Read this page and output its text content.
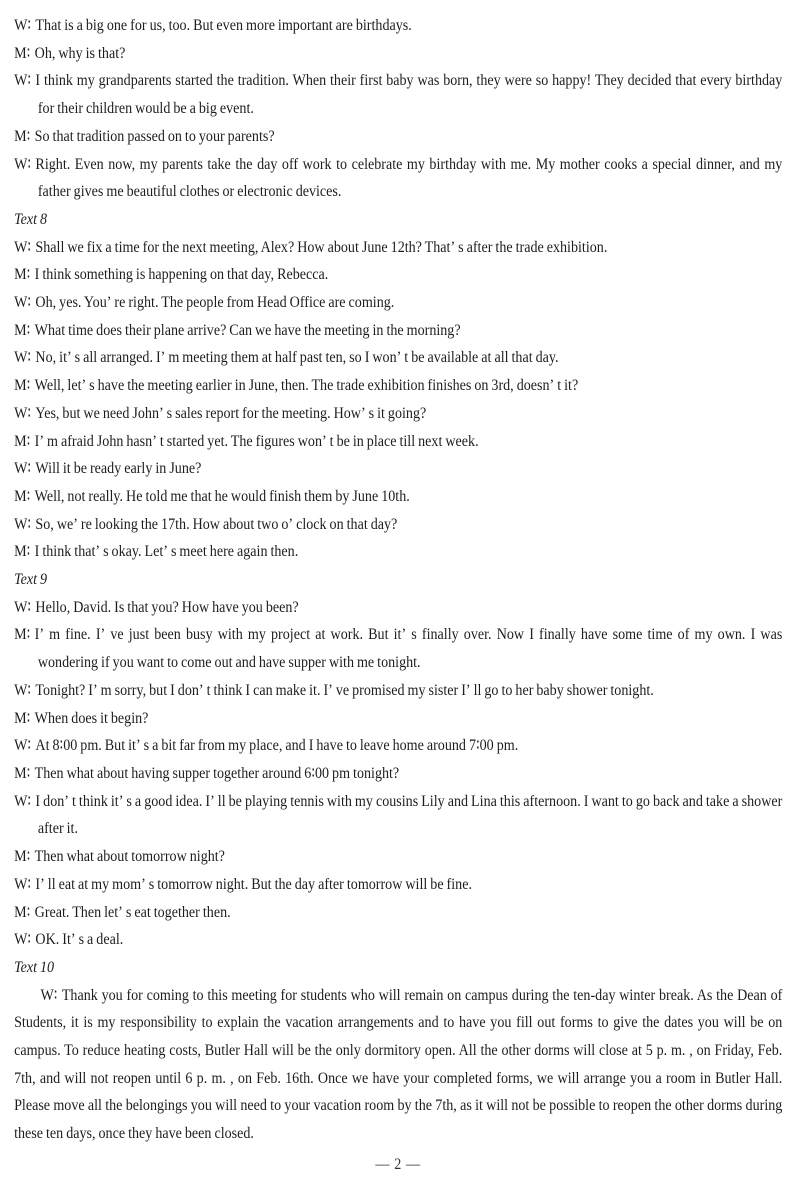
W∶ That is a big one for us, too. But even more important are birthdays.

M∶ Oh, why is that?

W∶ I think my grandparents started the tradition. When their first baby was born, they were so happy! They decided that every birthday for their children would be a big event.

M∶ So that tradition passed on to your parents?

W∶ Right. Even now, my parents take the day off work to celebrate my birthday with me. My mother cooks a special dinner, and my father gives me beautiful clothes or electronic devices.

Text 8

W∶ Shall we fix a time for the next meeting, Alex? How about June 12th? That’ s after the trade exhibition.

M∶ I think something is happening on that day, Rebecca.

W∶ Oh, yes. You’ re right. The people from Head Office are coming.

M∶ What time does their plane arrive? Can we have the meeting in the morning?

W∶ No, it’ s all arranged. I’ m meeting them at half past ten, so I won’ t be available at all that day.

M∶ Well, let’ s have the meeting earlier in June, then. The trade exhibition finishes on 3rd, doesn’ t it?

W∶ Yes, but we need John’ s sales report for the meeting. How’ s it going?

M∶ I’ m afraid John hasn’ t started yet. The figures won’ t be in place till next week.

W∶ Will it be ready early in June?

M∶ Well, not really. He told me that he would finish them by June 10th.

W∶ So, we’ re looking the 17th. How about two o’ clock on that day?

M∶ I think that’ s okay. Let’ s meet here again then.

Text 9

W∶ Hello, David. Is that you? How have you been?

M∶ I’ m fine. I’ ve just been busy with my project at work. But it’ s finally over. Now I finally have some time of my own. I was wondering if you want to come out and have supper with me tonight.

W∶ Tonight? I’ m sorry, but I don’ t think I can make it. I’ ve promised my sister I’ ll go to her baby shower tonight.

M∶ When does it begin?

W∶ At 8∶00 pm. But it’ s a bit far from my place, and I have to leave home around 7∶00 pm.

M∶ Then what about having supper together around 6∶00 pm tonight?

W∶ I don’ t think it’ s a good idea. I’ ll be playing tennis with my cousins Lily and Lina this afternoon. I want to go back and take a shower after it.

M∶ Then what about tomorrow night?

W∶ I’ ll eat at my mom’ s tomorrow night. But the day after tomorrow will be fine.

M∶ Great. Then let’ s eat together then.

W∶ OK. It’ s a deal.

Text 10

W∶ Thank you for coming to this meeting for students who will remain on campus during the ten-day winter break. As the Dean of Students, it is my responsibility to explain the vacation arrangements and to have you fill out forms to give the dates you will be on campus. To reduce heating costs, Butler Hall will be the only dormitory open. All the other dorms will close at 5 p. m. , on Friday, Feb. 7th, and will not reopen until 6 p. m. , on Feb. 16th. Once we have your completed forms, we will arrange you a room in Butler Hall. Please move all the belongings you will need to your vacation room by the 7th, as it will not be possible to reopen the other dorms during these ten days, once they have been closed.

— 2 —
